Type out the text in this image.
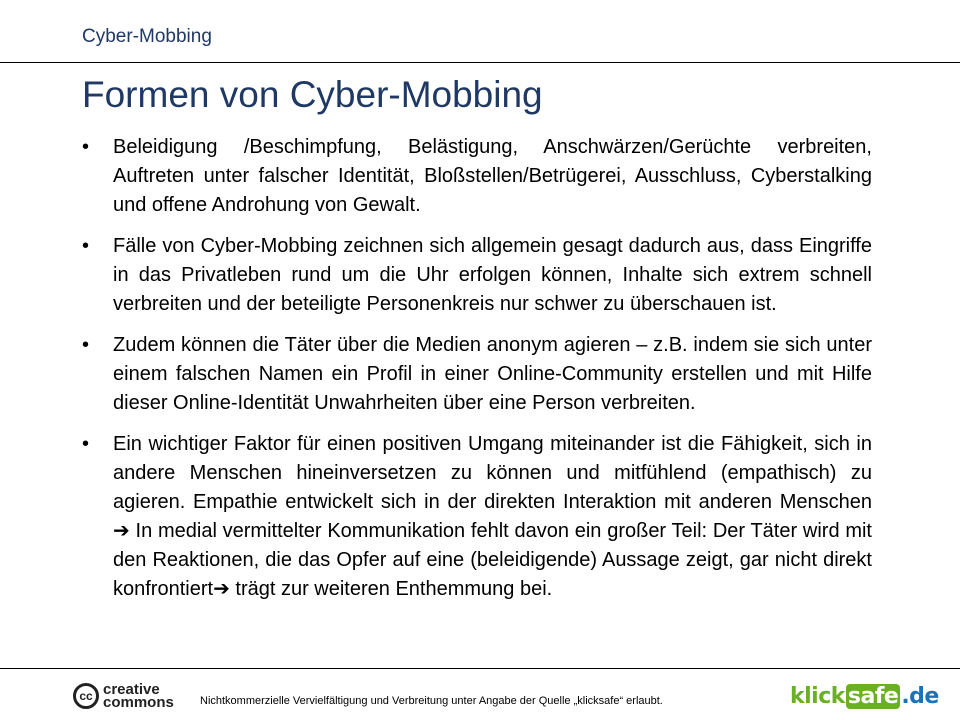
Cyber-Mobbing
Formen von Cyber-Mobbing
• Beleidigung /Beschimpfung, Belästigung, Anschwärzen/Gerüchte verbreiten, Auftreten unter falscher Identität, Bloßstellen/Betrügerei, Ausschluss, Cyberstalking und offene Androhung von Gewalt.
• Fälle von Cyber-Mobbing zeichnen sich allgemein gesagt dadurch aus, dass Eingriffe in das Privatleben rund um die Uhr erfolgen können, Inhalte sich extrem schnell verbreiten und der beteiligte Personenkreis nur schwer zu überschauen ist.
• Zudem können die Täter über die Medien anonym agieren – z.B. indem sie sich unter einem falschen Namen ein Profil in einer Online-Community erstellen und mit Hilfe dieser Online-Identität Unwahrheiten über eine Person verbreiten.
• Ein wichtiger Faktor für einen positiven Umgang miteinander ist die Fähigkeit, sich in andere Menschen hineinversetzen zu können und mitfühlend (empathisch) zu agieren. Empathie entwickelt sich in der direkten Interaktion mit anderen Menschen ➔ In medial vermittelter Kommunikation fehlt davon ein großer Teil: Der Täter wird mit den Reaktionen, die das Opfer auf eine (beleidigende) Aussage zeigt, gar nicht direkt konfrontiert➔ trägt zur weiteren Enthemmung bei.
cc creative
commons Nichtkommerzielle Vervielfältigung und Verbreitung unter Angabe der Quelle „klicksafe“ erlaubt.	klick safe .de
